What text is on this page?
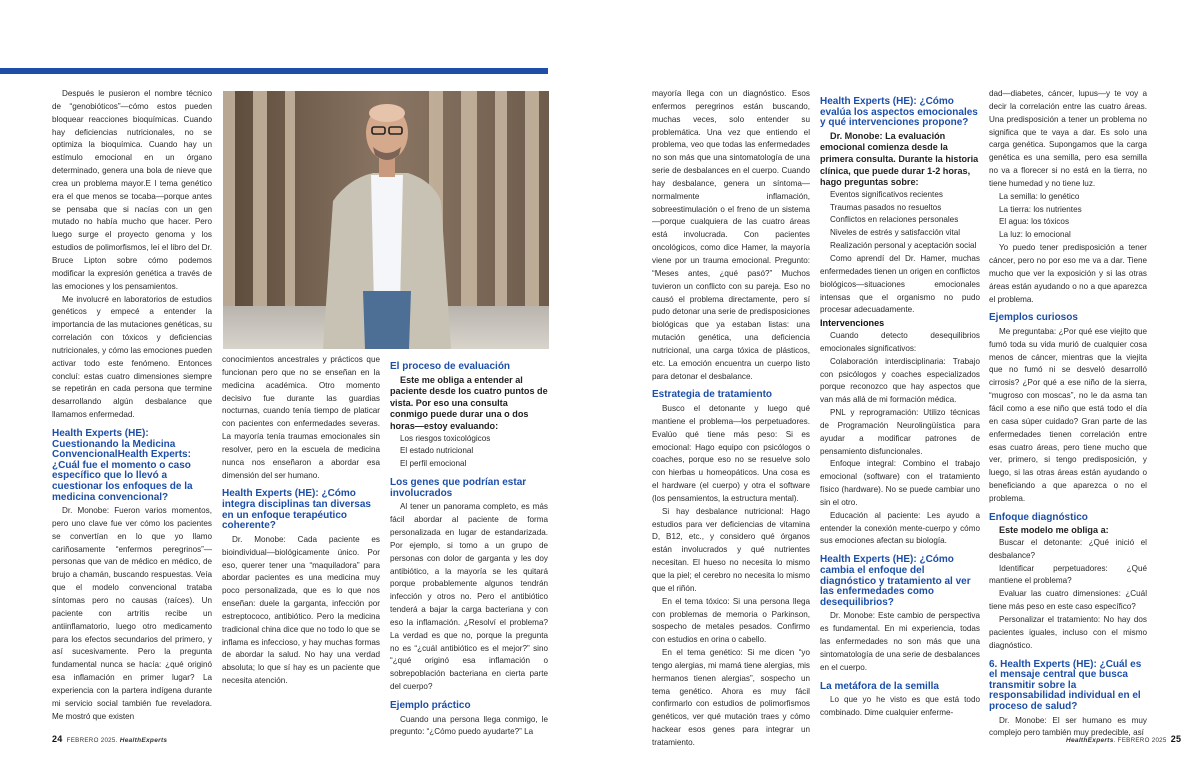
Después le pusieron el nombre técnico de “genobióticos”—cómo estos pueden bloquear reacciones bioquímicas. Cuando hay deficiencias nutricionales, no se optimiza la bioquímica. Cuando hay un estímulo emocional en un órgano determinado, genera una bola de nieve que crea un problema mayor.E l tema genético era el que menos se tocaba—porque antes se pensaba que si nacías con un gen mutado no había mucho que hacer. Pero luego surge el proyecto genoma y los estudios de polimorfismos, leí el libro del Dr. Bruce Lipton sobre cómo podemos modificar la expresión genética a través de las emociones y los pensamientos.

Me involucré en laboratorios de estudios genéticos y empecé a entender la importancia de las mutaciones genéticas, su correlación con tóxicos y deficiencias nutricionales, y cómo las emociones pueden activar todo este fenómeno. Entonces concluí: estas cuatro dimensiones siempre se repetirán en cada persona que termine desarrollando algún desbalance que llamamos enfermedad.

Health Experts (HE): Cuestionando la Medicina ConvencionalHealth Experts: ¿Cuál fue el momento o caso específico que lo llevó a cuestionar los enfoques de la medicina convencional?

Dr. Monobe: Fueron varios momentos, pero uno clave fue ver cómo los pacientes se convertían en lo que yo llamo cariñosamente “enfermos peregrinos”—personas que van de médico en médico, de brujo a chamán, buscando respuestas. Veía que el modelo convencional trataba síntomas pero no causas (raíces). Un paciente con artritis recibe un antiinflamatorio, luego otro medicamento para los efectos secundarios del primero, y así sucesivamente. Pero la pregunta fundamental nunca se hacía: ¿qué originó esa inflamación en primer lugar? La experiencia con la partera indígena durante mi servicio social también fue reveladora. Me mostró que existen

conocimientos ancestrales y prácticos que funcionan pero que no se enseñan en la medicina académica. Otro momento decisivo fue durante las guardias nocturnas, cuando tenía tiempo de platicar con pacientes con enfermedades severas. La mayoría tenía traumas emocionales sin resolver, pero en la escuela de medicina nunca nos enseñaron a abordar esa dimensión del ser humano.

Health Experts (HE): ¿Cómo integra disciplinas tan diversas en un enfoque terapéutico coherente?

Dr. Monobe: Cada paciente es bioindividual—biológicamente único. Por eso, querer tener una “maquiladora” para abordar pacientes es una medicina muy poco personalizada, que es lo que nos enseñan: duele la garganta, infección por estreptococo, antibiótico. Pero la medicina tradicional china dice que no todo lo que se inflama es infeccioso, y hay muchas formas de abordar la salud. No hay una verdad absoluta; lo que sí hay es un paciente que necesita atención.

El proceso de evaluación

Este me obliga a entender al paciente desde los cuatro puntos de vista. Por eso una consulta conmigo puede durar una o dos horas—estoy evaluando:

Los riesgos toxicológicos

El estado nutricional

El perfil emocional

Los genes que podrían estar involucrados

Al tener un panorama completo, es más fácil abordar al paciente de forma personalizada en lugar de estandarizada. Por ejemplo, si tomo a un grupo de personas con dolor de garganta y les doy antibiótico, a la mayoría se les quitará porque probablemente algunos tendrán infección y otros no. Pero el antibiótico tenderá a bajar la carga bacteriana y con eso la inflamación. ¿Resolví el problema? La verdad es que no, porque la pregunta no es “¿cuál antibiótico es el mejor?” sino “¿qué originó esa inflamación o sobrepoblación bacteriana en cierta parte del cuerpo?

Ejemplo práctico

Cuando una persona llega conmigo, le pregunto: “¿Cómo puedo ayudarte?” La

24 FEBRERO 2025. HealthExperts

mayoría llega con un diagnóstico. Esos enfermos peregrinos están buscando, muchas veces, solo entender su problemática. Una vez que entiendo el problema, veo que todas las enfermedades no son más que una sintomatología de una serie de desbalances en el cuerpo. Cuando hay desbalance, genera un síntoma—normalmente inflamación, sobreestimulación o el freno de un sistema—porque cualquiera de las cuatro áreas está involucrada. Con pacientes oncológicos, como dice Hamer, la mayoría viene por un trauma emocional. Pregunto: “Meses antes, ¿qué pasó?” Muchos tuvieron un conflicto con su pareja. Eso no causó el problema directamente, pero sí pudo detonar una serie de predisposiciones biológicas que ya estaban listas: una mutación genética, una deficiencia nutricional, una carga tóxica de plásticos, etc. La emoción encuentra un cuerpo listo para detonar el desbalance.

Estrategia de tratamiento

Busco el detonante y luego qué mantiene el problema—los perpetuadores. Evalúo qué tiene más peso: Si es emocional: Hago equipo con psicólogos o coaches, porque eso no se resuelve solo con hierbas u homeopáticos. Una cosa es el hardware (el cuerpo) y otra el software (los pensamientos, la estructura mental).

Si hay desbalance nutricional: Hago estudios para ver deficiencias de vitamina D, B12, etc., y considero qué órganos están involucrados y qué nutrientes necesitan. El hueso no necesita lo mismo que la piel; el cerebro no necesita lo mismo que el riñón.

En el tema tóxico: Si una persona llega con problemas de memoria o Parkinson, sospecho de metales pesados. Confirmo con estudios en orina o cabello.

En el tema genético: Si me dicen “yo tengo alergias, mi mamá tiene alergias, mis hermanos tienen alergias”, sospecho un tema genético. Ahora es muy fácil confirmarlo con estudios de polimorfismos genéticos, ver qué mutación traes y cómo hackear esos genes para integrar un tratamiento.

Health Experts (HE): ¿Cómo evalúa los aspectos emocionales y qué intervenciones propone?

Dr. Monobe: La evaluación emocional comienza desde la primera consulta. Durante la historia clínica, que puede durar 1-2 horas, hago preguntas sobre:

Eventos significativos recientes

Traumas pasados no resueltos

Conflictos en relaciones personales

Niveles de estrés y satisfacción vital

Realización personal y aceptación social

Como aprendí del Dr. Hamer, muchas enfermedades tienen un origen en conflictos biológicos—situaciones emocionales intensas que el organismo no pudo procesar adecuadamente.

Intervenciones

Cuando detecto desequilibrios emocionales significativos:

Colaboración interdisciplinaria: Trabajo con psicólogos y coaches especializados porque reconozco que hay aspectos que van más allá de mi formación médica.

PNL y reprogramación: Utilizo técnicas de Programación Neurolingüística para ayudar a modificar patrones de pensamiento disfuncionales.

Enfoque integral: Combino el trabajo emocional (software) con el tratamiento físico (hardware). No se puede cambiar uno sin el otro.

Educación al paciente: Les ayudo a entender la conexión mente-cuerpo y cómo sus emociones afectan su biología.

Health Experts (HE): ¿Cómo cambia el enfoque del diagnóstico y tratamiento al ver las enfermedades como desequilibrios?

Dr. Monobe: Este cambio de perspectiva es fundamental. En mi experiencia, todas las enfermedades no son más que una sintomatología de una serie de desbalances en el cuerpo.

La metáfora de la semilla

Lo que yo he visto es que está todo combinado. Dime cualquier enferme-

dad—diabetes, cáncer, lupus—y te voy a decir la correlación entre las cuatro áreas. Una predisposición a tener un problema no significa que te vaya a dar. Es solo una carga genética. Supongamos que la carga genética es una semilla, pero esa semilla no va a florecer si no está en la tierra, no tiene humedad y no tiene luz.

La semilla: lo genético

La tierra: los nutrientes

El agua: los tóxicos

La luz: lo emocional

Yo puedo tener predisposición a tener cáncer, pero no por eso me va a dar. Tiene mucho que ver la exposición y si las otras áreas están ayudando o no a que aparezca el problema.

Ejemplos curiosos

Me preguntaba: ¿Por qué ese viejito que fumó toda su vida murió de cualquier cosa menos de cáncer, mientras que la viejita que no fumó ni se desveló desarrolló cirrosis? ¿Por qué a ese niño de la sierra, “mugroso con moscas”, no le da asma tan fácil como a ese niño que está todo el día en casa súper cuidado? Gran parte de las enfermedades tienen correlación entre esas cuatro áreas, pero tiene mucho que ver, primero, si tengo predisposición, y luego, si las otras áreas están ayudando o beneficiando a que aparezca o no el problema.

Enfoque diagnóstico

Este modelo me obliga a:

Buscar el detonante: ¿Qué inició el desbalance?

Identificar perpetuadores: ¿Qué mantiene el problema?

Evaluar las cuatro dimensiones: ¿Cuál tiene más peso en este caso específico?

Personalizar el tratamiento: No hay dos pacientes iguales, incluso con el mismo diagnóstico.

6. Health Experts (HE): ¿Cuál es el mensaje central que busca transmitir sobre la responsabilidad individual en el proceso de salud?

Dr. Monobe: El ser humano es muy complejo pero también muy predecible, así

HealthExperts. FEBRERO 2025 25
